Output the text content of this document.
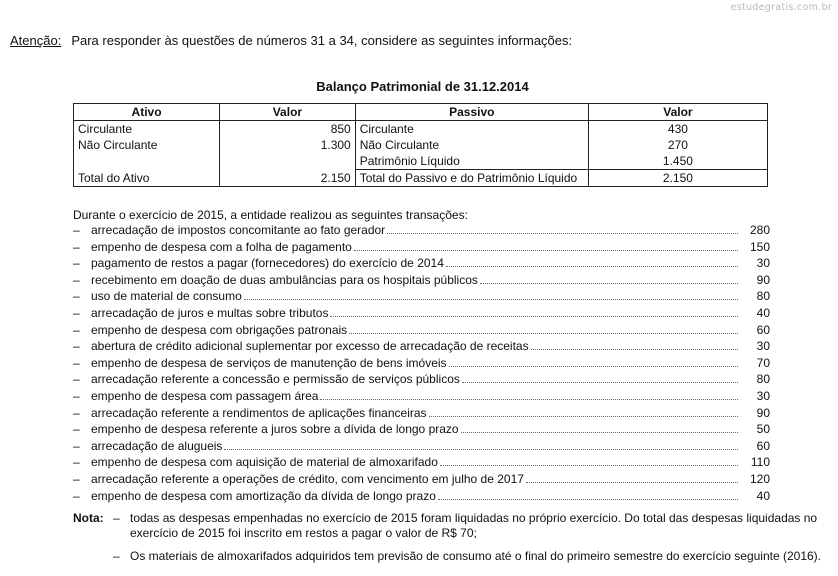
estudegratis.com.br
Atenção: Para responder às questões de números 31 a 34, considere as seguintes informações:
Balanço Patrimonial de 31.12.2014
Ativo	Valor	Passivo	Valor
Circulante	850	Circulante	430
Não Circulante	1.300	Não Circulante	270
		Patrimônio Líquido	1.450
Total do Ativo	2.150	Total do Passivo e do Patrimônio Líquido	2.150
Durante o exercício de 2015, a entidade realizou as seguintes transações:
– arrecadação de impostos concomitante ao fato gerador	280
– empenho de despesa com a folha de pagamento	150
– pagamento de restos a pagar (fornecedores) do exercício de 2014	30
– recebimento em doação de duas ambulâncias para os hospitais públicos	90
– uso de material de consumo	80
– arrecadação de juros e multas sobre tributos	40
– empenho de despesa com obrigações patronais	60
– abertura de crédito adicional suplementar por excesso de arrecadação de receitas	30
– empenho de despesa de serviços de manutenção de bens imóveis	70
– arrecadação referente a concessão e permissão de serviços públicos	80
– empenho de despesa com passagem área	30
– arrecadação referente a rendimentos de aplicações financeiras	90
– empenho de despesa referente a juros sobre a dívida de longo prazo	50
– arrecadação de alugueis	60
– empenho de despesa com aquisição de material de almoxarifado	110
– arrecadação referente a operações de crédito, com vencimento em julho de 2017	120
– empenho de despesa com amortização da dívida de longo prazo	40
Nota: – todas as despesas empenhadas no exercício de 2015 foram liquidadas no próprio exercício. Do total das despesas liquidadas no exercício de 2015 foi inscrito em restos a pagar o valor de R$ 70;
– Os materiais de almoxarifados adquiridos tem previsão de consumo até o final do primeiro semestre do exercício seguinte (2016).
